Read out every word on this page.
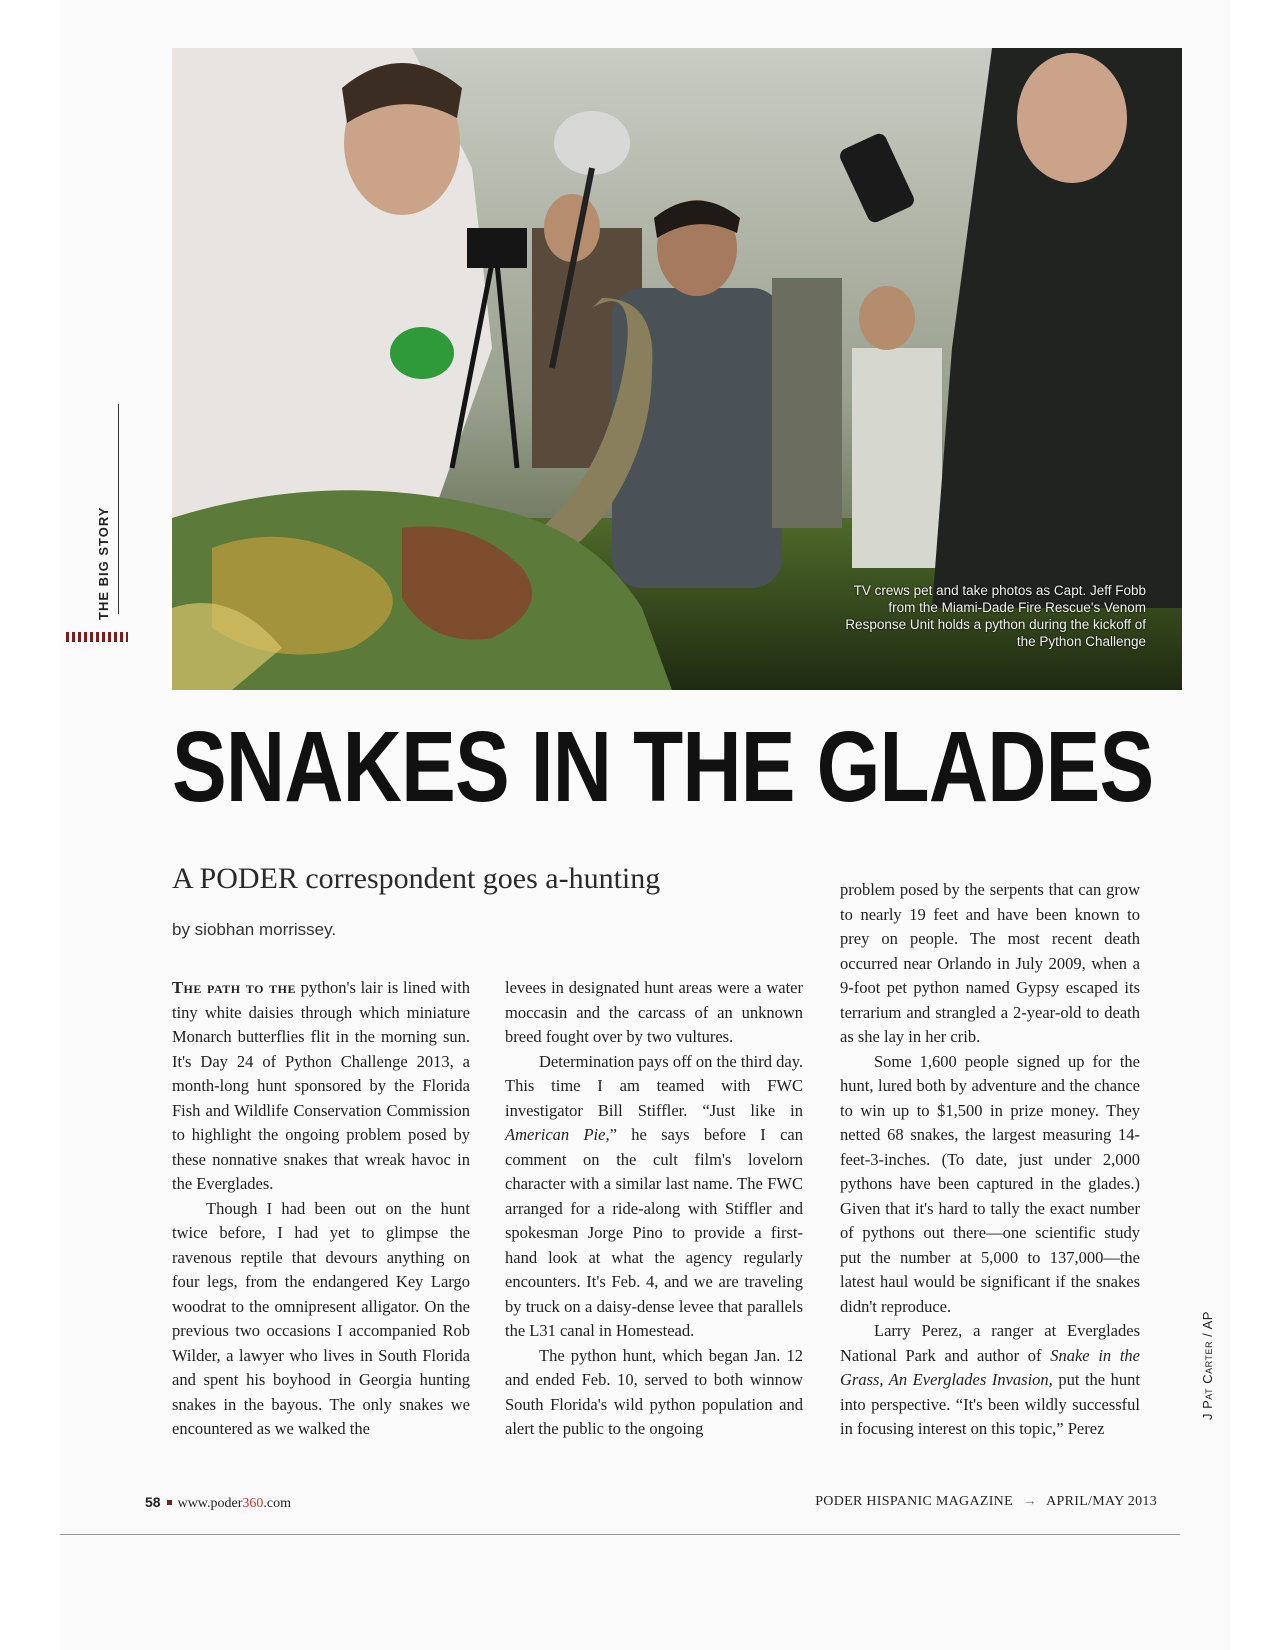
TV crews pet and take photos as Capt. Jeff Fobb from the Miami-Dade Fire Rescue's Venom Response Unit holds a python during the kickoff of the Python Challenge
THE BIG STORY
SNAKES IN THE GLADES
A PODER correspondent goes a-hunting
by siobhan morrissey.

The path to the python's lair is lined with tiny white daisies through which miniature Monarch butterflies flit in the morning sun. It's Day 24 of Python Challenge 2013, a month-long hunt sponsored by the Florida Fish and Wildlife Conservation Commission to highlight the ongoing problem posed by these nonnative snakes that wreak havoc in the Everglades.

Though I had been out on the hunt twice before, I had yet to glimpse the ravenous reptile that devours anything on four legs, from the endangered Key Largo woodrat to the omnipresent alligator. On the previous two occasions I accompanied Rob Wilder, a lawyer who lives in South Florida and spent his boyhood in Georgia hunting snakes in the bayous. The only snakes we encountered as we walked the

levees in designated hunt areas were a water moccasin and the carcass of an unknown breed fought over by two vultures.

Determination pays off on the third day. This time I am teamed with FWC investigator Bill Stiffler. “Just like in American Pie,” he says before I can comment on the cult film's lovelorn character with a similar last name. The FWC arranged for a ride-along with Stiffler and spokesman Jorge Pino to provide a first-hand look at what the agency regularly encounters. It's Feb. 4, and we are traveling by truck on a daisy-dense levee that parallels the L31 canal in Homestead.

The python hunt, which began Jan. 12 and ended Feb. 10, served to both winnow South Florida's wild python population and alert the public to the ongoing

problem posed by the serpents that can grow to nearly 19 feet and have been known to prey on people. The most recent death occurred near Orlando in July 2009, when a 9-foot pet python named Gypsy escaped its terrarium and strangled a 2-year-old to death as she lay in her crib.

Some 1,600 people signed up for the hunt, lured both by adventure and the chance to win up to $1,500 in prize money. They netted 68 snakes, the largest measuring 14-feet-3-inches. (To date, just under 2,000 pythons have been captured in the glades.) Given that it's hard to tally the exact number of pythons out there—one scientific study put the number at 5,000 to 137,000—the latest haul would be significant if the snakes didn't reproduce.

Larry Perez, a ranger at Everglades National Park and author of Snake in the Grass, An Everglades Invasion, put the hunt into perspective. “It's been wildly successful in focusing interest on this topic,” Perez

J Pat Carter / AP
58 www.poder360.com	PODER HISPANIC MAGAZINE → APRIL/MAY 2013
